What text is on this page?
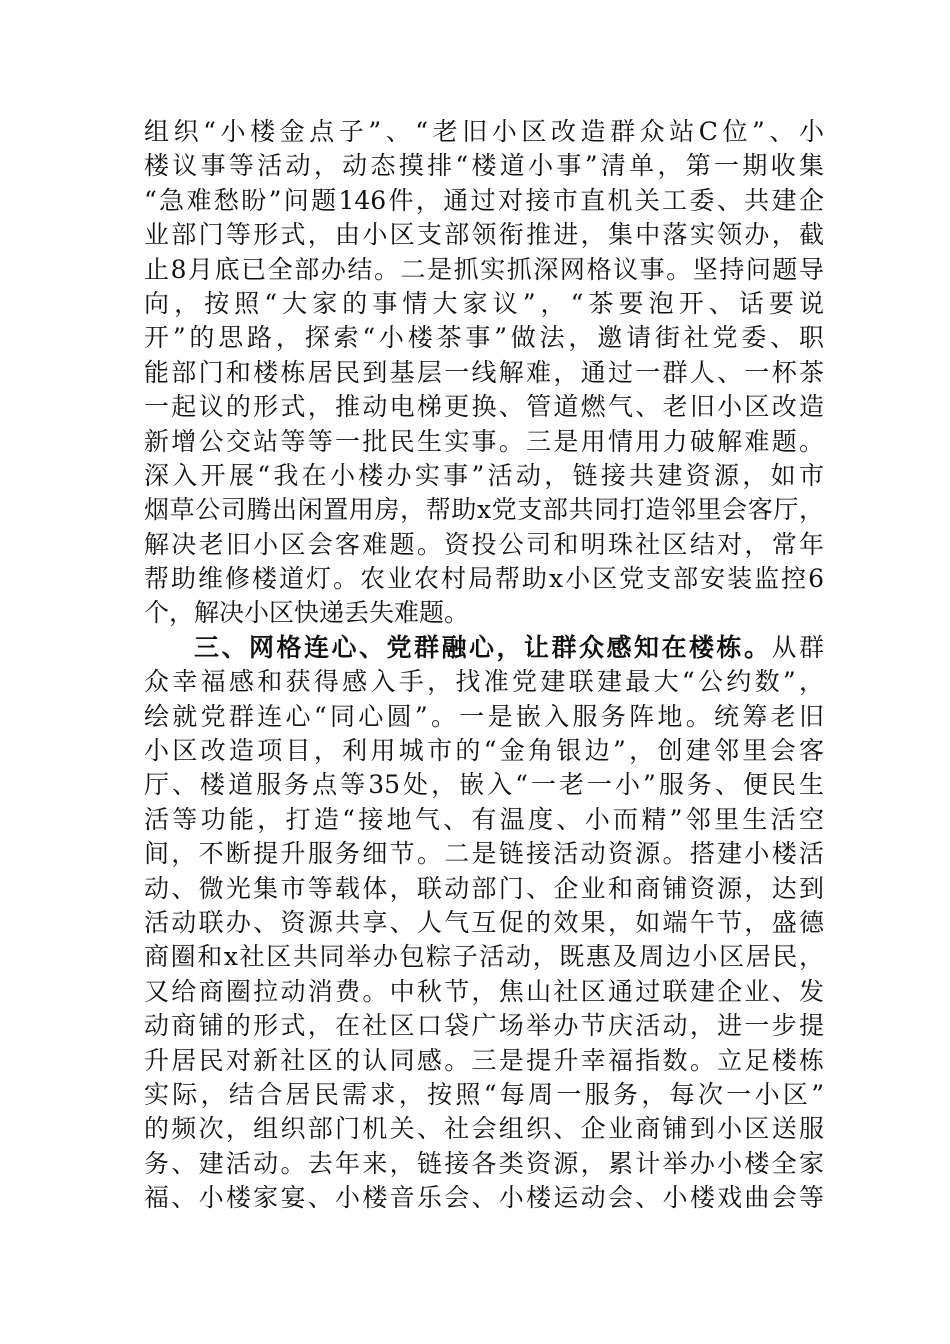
组织“小楼金点子”、“老旧小区改造群众站C位”、小
楼议事等活动，动态摸排“楼道小事”清单，第一期收集
“急难愁盼”问题146件，通过对接市直机关工委、共建企
业部门等形式，由小区支部领衔推进，集中落实领办，截
止8月底已全部办结。二是抓实抓深网格议事。坚持问题导
向，按照“大家的事情大家议”，“茶要泡开、话要说
开”的思路，探索“小楼茶事”做法，邀请街社党委、职
能部门和楼栋居民到基层一线解难，通过一群人、一杯茶
一起议的形式，推动电梯更换、管道燃气、老旧小区改造
新增公交站等等一批民生实事。三是用情用力破解难题。
深入开展“我在小楼办实事”活动，链接共建资源，如市
烟草公司腾出闲置用房，帮助x党支部共同打造邻里会客厅，
解决老旧小区会客难题。资投公司和明珠社区结对，常年
帮助维修楼道灯。农业农村局帮助x小区党支部安装监控6
个，解决小区快递丢失难题。
三、网格连心、党群融心，让群众感知在楼栋。从群
众幸福感和获得感入手，找准党建联建最大“公约数”，
绘就党群连心“同心圆”。一是嵌入服务阵地。统筹老旧
小区改造项目，利用城市的“金角银边”，创建邻里会客
厅、楼道服务点等35处，嵌入“一老一小”服务、便民生
活等功能，打造“接地气、有温度、小而精”邻里生活空
间，不断提升服务细节。二是链接活动资源。搭建小楼活
动、微光集市等载体，联动部门、企业和商铺资源，达到
活动联办、资源共享、人气互促的效果，如端午节，盛德
商圈和x社区共同举办包粽子活动，既惠及周边小区居民，
又给商圈拉动消费。中秋节，焦山社区通过联建企业、发
动商铺的形式，在社区口袋广场举办节庆活动，进一步提
升居民对新社区的认同感。三是提升幸福指数。立足楼栋
实际，结合居民需求，按照“每周一服务，每次一小区”
的频次，组织部门机关、社会组织、企业商铺到小区送服
务、建活动。去年来，链接各类资源，累计举办小楼全家
福、小楼家宴、小楼音乐会、小楼运动会、小楼戏曲会等
